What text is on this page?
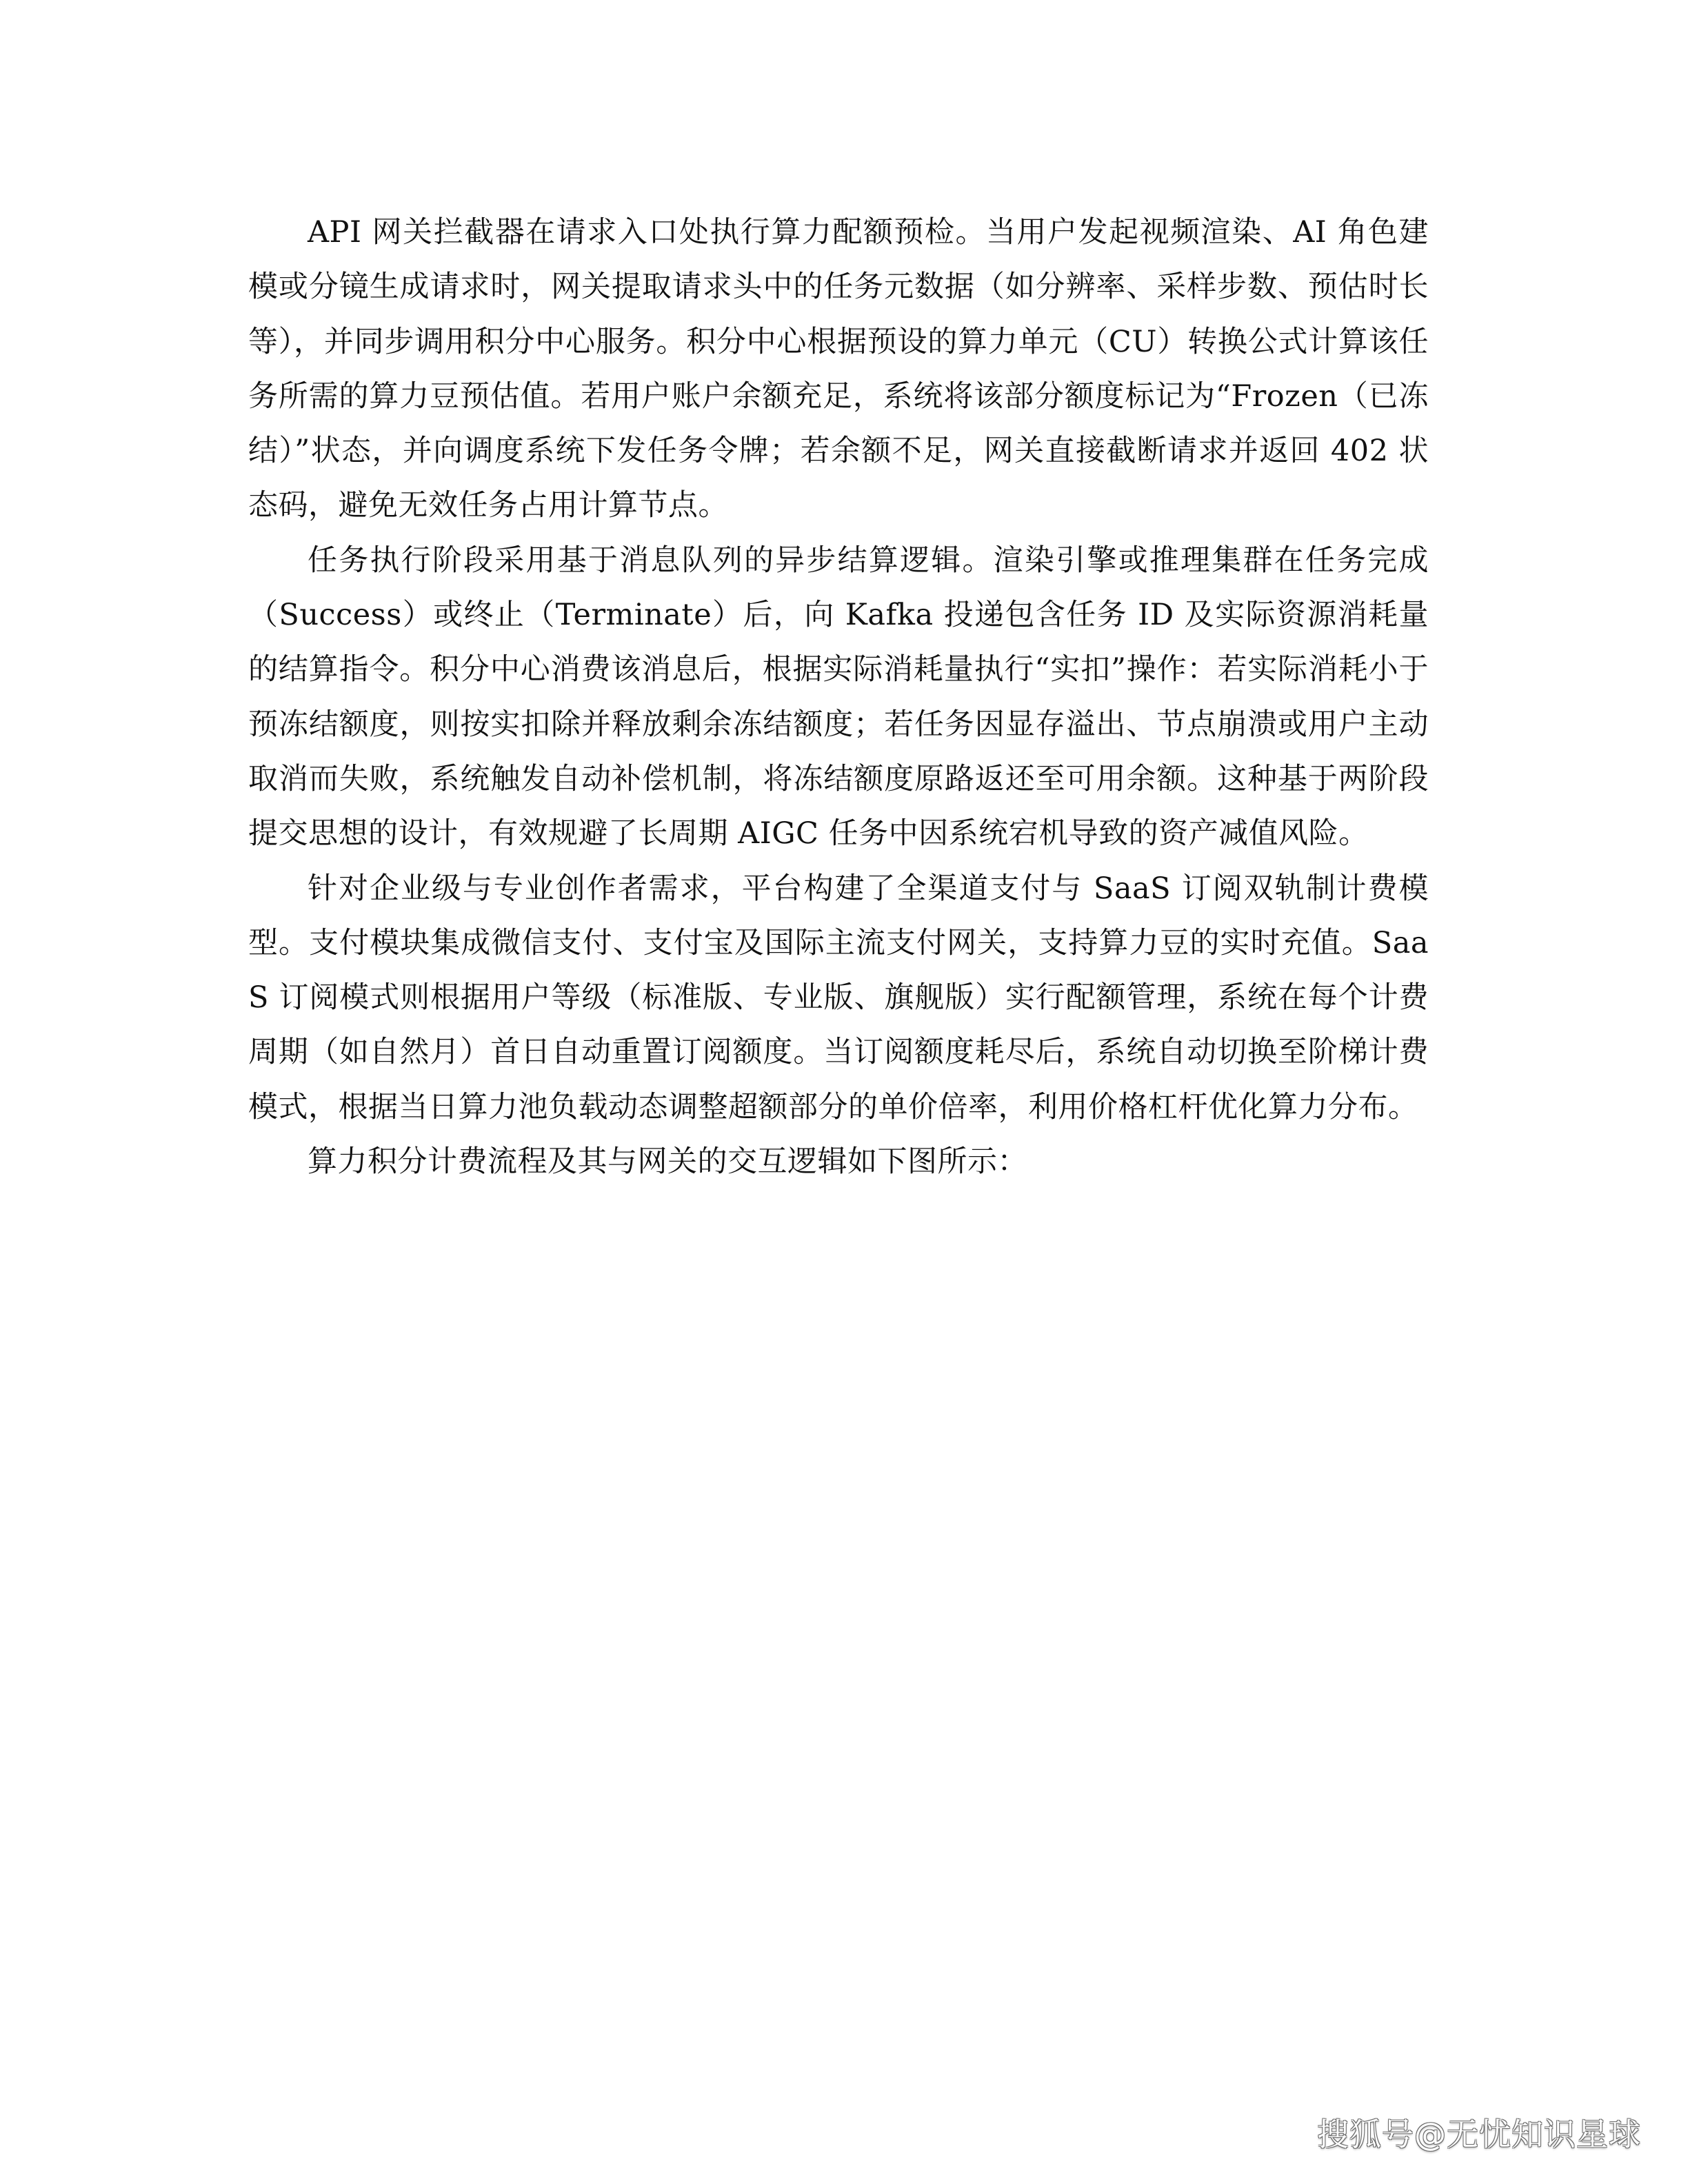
API 网关拦截器在请求入口处执行算力配额预检。当用户发起视频渲染、AI 角色建模或分镜生成请求时，网关提取请求头中的任务元数据（如分辨率、采样步数、预估时长等），并同步调用积分中心服务。积分中心根据预设的算力单元（CU）转换公式计算该任务所需的算力豆预估值。若用户账户余额充足，系统将该部分额度标记为“Frozen（已冻结）”状态，并向调度系统下发任务令牌；若余额不足，网关直接截断请求并返回 402 状态码，避免无效任务占用计算节点。

任务执行阶段采用基于消息队列的异步结算逻辑。渲染引擎或推理集群在任务完成（Success）或终止（Terminate）后，向 Kafka 投递包含任务 ID 及实际资源消耗量的结算指令。积分中心消费该消息后，根据实际消耗量执行“实扣”操作：若实际消耗小于预冻结额度，则按实扣除并释放剩余冻结额度；若任务因显存溢出、节点崩溃或用户主动取消而失败，系统触发自动补偿机制，将冻结额度原路返还至可用余额。这种基于两阶段提交思想的设计，有效规避了长周期 AIGC 任务中因系统宕机导致的资产减值风险。

针对企业级与专业创作者需求，平台构建了全渠道支付与 SaaS 订阅双轨制计费模型。支付模块集成微信支付、支付宝及国际主流支付网关，支持算力豆的实时充值。SaaS 订阅模式则根据用户等级（标准版、专业版、旗舰版）实行配额管理，系统在每个计费周期（如自然月）首日自动重置订阅额度。当订阅额度耗尽后，系统自动切换至阶梯计费模式，根据当日算力池负载动态调整超额部分的单价倍率，利用价格杠杆优化算力分布。

算力积分计费流程及其与网关的交互逻辑如下图所示：

搜狐号@无忧知识星球
